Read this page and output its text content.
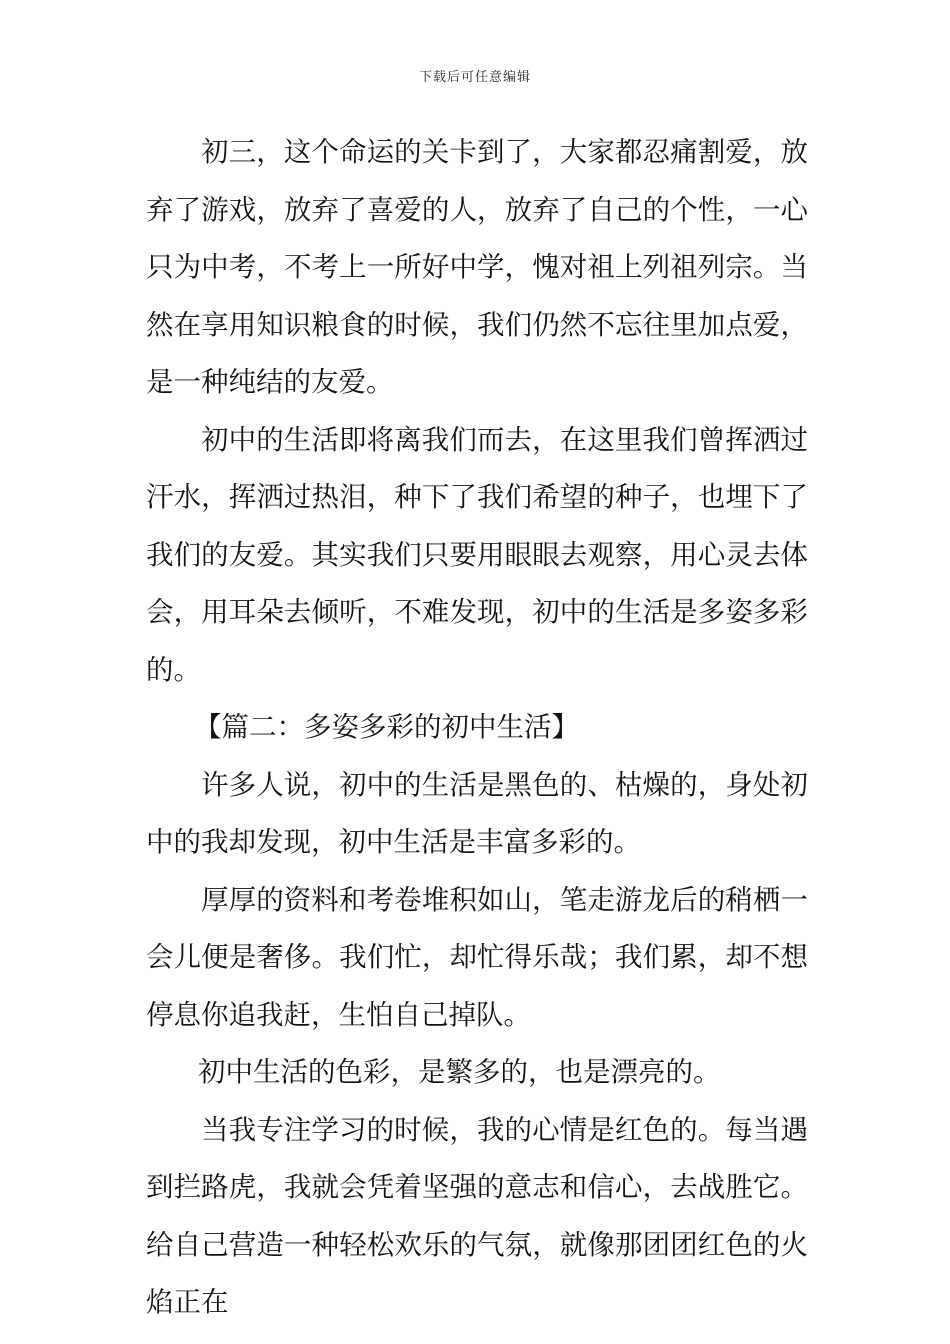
下载后可任意编辑

初三，这个命运的关卡到了，大家都忍痛割爱，放弃了游戏，放弃了喜爱的人，放弃了自己的个性，一心只为中考，不考上一所好中学，愧对祖上列祖列宗。当然在享用知识粮食的时候，我们仍然不忘往里加点爱，是一种纯结的友爱。

初中的生活即将离我们而去，在这里我们曾挥洒过汗水，挥洒过热泪，种下了我们希望的种子，也埋下了我们的友爱。其实我们只要用眼眼去观察，用心灵去体会，用耳朵去倾听，不难发现，初中的生活是多姿多彩的。

【篇二：多姿多彩的初中生活】

许多人说，初中的生活是黑色的、枯燥的，身处初中的我却发现，初中生活是丰富多彩的。

厚厚的资料和考卷堆积如山，笔走游龙后的稍栖一会儿便是奢侈。我们忙，却忙得乐哉；我们累，却不想停息你追我赶，生怕自己掉队。

初中生活的色彩，是繁多的，也是漂亮的。

当我专注学习的时候，我的心情是红色的。每当遇到拦路虎，我就会凭着坚强的意志和信心，去战胜它。给自己营造一种轻松欢乐的气氛，就像那团团红色的火焰正在
